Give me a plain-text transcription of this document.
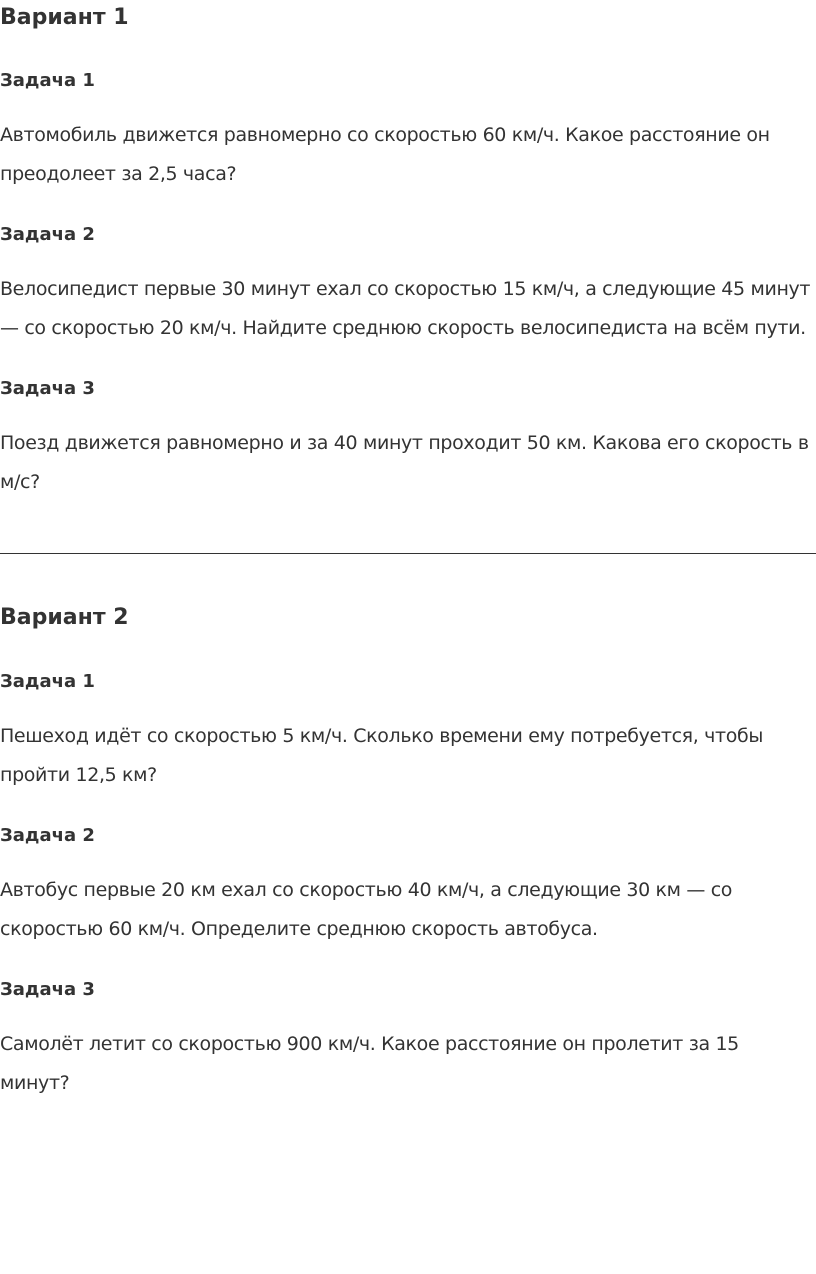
Вариант 1
Задача 1

Автомобиль движется равномерно со скоростью 60 км/ч. Какое расстояние он преодолеет за 2,5 часа?

Задача 2

Велосипедист первые 30 минут ехал со скоростью 15 км/ч, а следующие 45 минут — со скоростью 20 км/ч. Найдите среднюю скорость велосипедиста на всём пути.

Задача 3

Поезд движется равномерно и за 40 минут проходит 50 км. Какова его скорость в м/с?

Вариант 2
Задача 1

Пешеход идёт со скоростью 5 км/ч. Сколько времени ему потребуется, чтобы пройти 12,5 км?

Задача 2

Автобус первые 20 км ехал со скоростью 40 км/ч, а следующие 30 км — со скоростью 60 км/ч. Определите среднюю скорость автобуса.

Задача 3

Самолёт летит со скоростью 900 км/ч. Какое расстояние он пролетит за 15 минут?
